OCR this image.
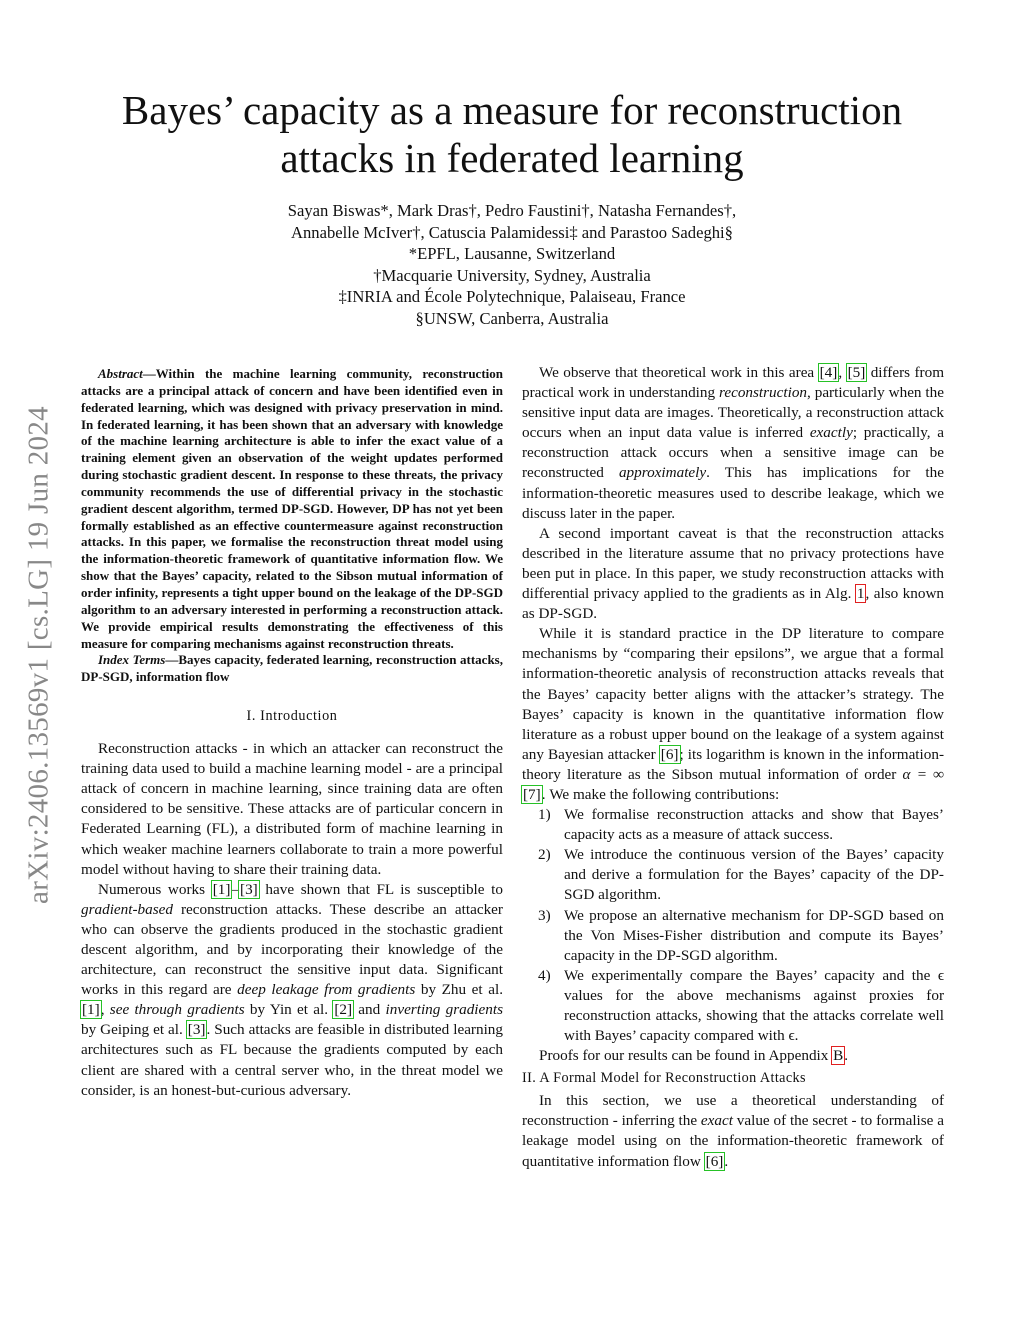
arXiv:2406.13569v1 [cs.LG] 19 Jun 2024
Bayes’ capacity as a measure for reconstruction
attacks in federated learning
Sayan Biswas*, Mark Dras†, Pedro Faustini†, Natasha Fernandes†,
Annabelle McIver†, Catuscia Palamidessi‡ and Parastoo Sadeghi§
*EPFL, Lausanne, Switzerland
†Macquarie University, Sydney, Australia
‡INRIA and École Polytechnique, Palaiseau, France
§UNSW, Canberra, Australia

Abstract—Within the machine learning community, reconstruction attacks are a principal attack of concern and have been identified even in federated learning, which was designed with privacy preservation in mind. In federated learning, it has been shown that an adversary with knowledge of the machine learning architecture is able to infer the exact value of a training element given an observation of the weight updates performed during stochastic gradient descent. In response to these threats, the privacy community recommends the use of differential privacy in the stochastic gradient descent algorithm, termed DP-SGD. However, DP has not yet been formally established as an effective countermeasure against reconstruction attacks. In this paper, we formalise the reconstruction threat model using the information-theoretic framework of quantitative information flow. We show that the Bayes’ capacity, related to the Sibson mutual information of order infinity, represents a tight upper bound on the leakage of the DP-SGD algorithm to an adversary interested in performing a reconstruction attack. We provide empirical results demonstrating the effectiveness of this measure for comparing mechanisms against reconstruction threats.

Index Terms—Bayes capacity, federated learning, reconstruction attacks, DP-SGD, information flow

I. Introduction

Reconstruction attacks - in which an attacker can reconstruct the training data used to build a machine learning model - are a principal attack of concern in machine learning, since training data are often considered to be sensitive. These attacks are of particular concern in Federated Learning (FL), a distributed form of machine learning in which weaker machine learners collaborate to train a more powerful model without having to share their training data.

Numerous works [1]–[3] have shown that FL is susceptible to gradient-based reconstruction attacks. These describe an attacker who can observe the gradients produced in the stochastic gradient descent algorithm, and by incorporating their knowledge of the architecture, can reconstruct the sensitive input data. Significant works in this regard are deep leakage from gradients by Zhu et al. [1], see through gradients by Yin et al. [2] and inverting gradients by Geiping et al. [3]. Such attacks are feasible in distributed learning architectures such as FL because the gradients computed by each client are shared with a central server who, in the threat model we consider, is an honest-but-curious adversary.

We observe that theoretical work in this area [4], [5] differs from practical work in understanding reconstruction, particularly when the sensitive input data are images. Theoretically, a reconstruction attack occurs when an input data value is inferred exactly; practically, a reconstruction attack occurs when a sensitive image can be reconstructed approximately. This has implications for the information-theoretic measures used to describe leakage, which we discuss later in the paper.

A second important caveat is that the reconstruction attacks described in the literature assume that no privacy protections have been put in place. In this paper, we study reconstruction attacks with differential privacy applied to the gradients as in Alg. 1, also known as DP-SGD.

While it is standard practice in the DP literature to compare mechanisms by “comparing their epsilons”, we argue that a formal information-theoretic analysis of reconstruction attacks reveals that the Bayes’ capacity better aligns with the attacker’s strategy. The Bayes’ capacity is known in the quantitative information flow literature as a robust upper bound on the leakage of a system against any Bayesian attacker [6]; its logarithm is known in the information-theory literature as the Sibson mutual information of order α = ∞ [7]. We make the following contributions:

1) We formalise reconstruction attacks and show that Bayes’ capacity acts as a measure of attack success.
2) We introduce the continuous version of the Bayes’ capacity and derive a formulation for the Bayes’ capacity of the DP-SGD algorithm.
3) We propose an alternative mechanism for DP-SGD based on the Von Mises-Fisher distribution and compute its Bayes’ capacity in the DP-SGD algorithm.
4) We experimentally compare the Bayes’ capacity and the ϵ values for the above mechanisms against proxies for reconstruction attacks, showing that the attacks correlate well with Bayes’ capacity compared with ϵ.

Proofs for our results can be found in Appendix B.

II. A Formal Model for Reconstruction Attacks

In this section, we use a theoretical understanding of reconstruction - inferring the exact value of the secret - to formalise a leakage model using on the information-theoretic framework of quantitative information flow [6].
